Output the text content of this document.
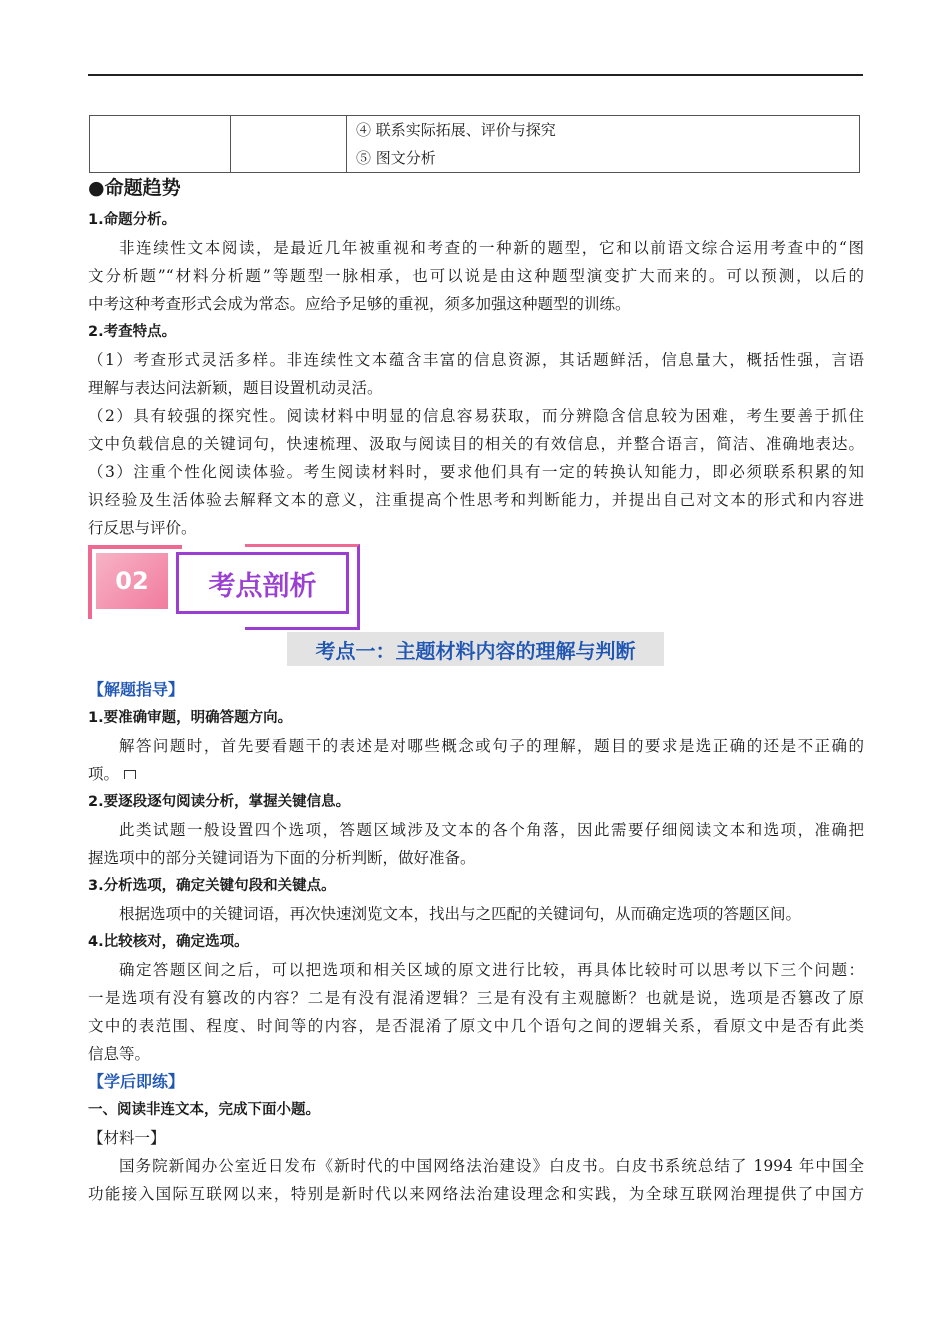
④ 联系实际拓展、评价与探究
⑤ 图文分析
●命题趋势
1.命题分析。
非连续性文本阅读，是最近几年被重视和考查的一种新的题型，它和以前语文综合运用考查中的“图
文分析题”“材料分析题”等题型一脉相承，也可以说是由这种题型演变扩大而来的。可以预测，以后的
中考这种考查形式会成为常态。应给予足够的重视，须多加强这种题型的训练。
2.考查特点。
（1）考查形式灵活多样。非连续性文本蕴含丰富的信息资源，其话题鲜活，信息量大，概括性强，言语
理解与表达问法新颖，题目设置机动灵活。
（2）具有较强的探究性。阅读材料中明显的信息容易获取，而分辨隐含信息较为困难，考生要善于抓住
文中负载信息的关键词句，快速梳理、汲取与阅读目的相关的有效信息，并整合语言，简洁、准确地表达。
（3）注重个性化阅读体验。考生阅读材料时，要求他们具有一定的转换认知能力，即必须联系积累的知
识经验及生活体验去解释文本的意义，注重提高个性思考和判断能力，并提出自己对文本的形式和内容进
行反思与评价。
02	考点剖析
考点一：主题材料内容的理解与判断
【解题指导】
1.要准确审题，明确答题方向。
解答问题时，首先要看题干的表述是对哪些概念或句子的理解，题目的要求是选正确的还是不正确的
项。
2.要逐段逐句阅读分析，掌握关键信息。
此类试题一般设置四个选项，答题区域涉及文本的各个角落，因此需要仔细阅读文本和选项，准确把
握选项中的部分关键词语为下面的分析判断，做好准备。
3.分析选项，确定关键句段和关键点。
根据选项中的关键词语，再次快速浏览文本，找出与之匹配的关键词句，从而确定选项的答题区间。
4.比较核对，确定选项。
确定答题区间之后，可以把选项和相关区域的原文进行比较，再具体比较时可以思考以下三个问题：
一是选项有没有篡改的内容？二是有没有混淆逻辑？三是有没有主观臆断？也就是说，选项是否篡改了原
文中的表范围、程度、时间等的内容，是否混淆了原文中几个语句之间的逻辑关系，看原文中是否有此类
信息等。
【学后即练】
一、阅读非连文本，完成下面小题。
【材料一】
国务院新闻办公室近日发布《新时代的中国网络法治建设》白皮书。白皮书系统总结了 1994 年中国全
功能接入国际互联网以来，特别是新时代以来网络法治建设理念和实践，为全球互联网治理提供了中国方
